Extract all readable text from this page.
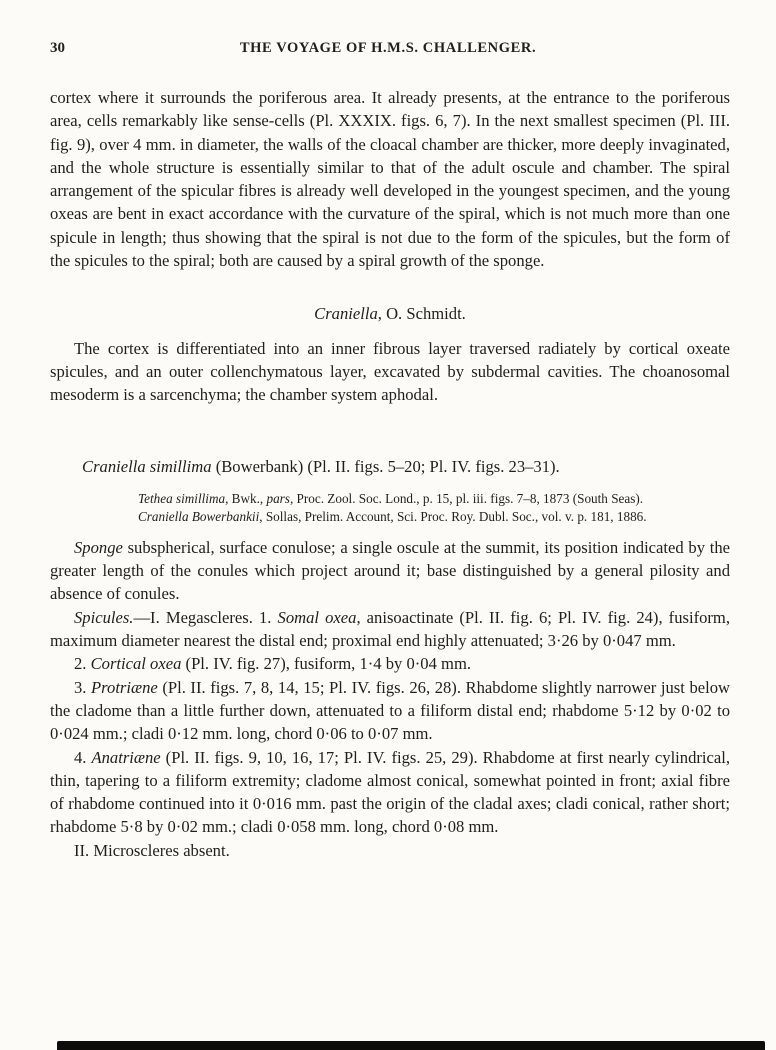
30	THE VOYAGE OF H.M.S. CHALLENGER.

cortex where it surrounds the poriferous area. It already presents, at the entrance to the poriferous area, cells remarkably like sense-cells (Pl. XXXIX. figs. 6, 7). In the next smallest specimen (Pl. III. fig. 9), over 4 mm. in diameter, the walls of the cloacal chamber are thicker, more deeply invaginated, and the whole structure is essentially similar to that of the adult oscule and chamber. The spiral arrangement of the spicular fibres is already well developed in the youngest specimen, and the young oxeas are bent in exact accordance with the curvature of the spiral, which is not much more than one spicule in length; thus showing that the spiral is not due to the form of the spicules, but the form of the spicules to the spiral; both are caused by a spiral growth of the sponge.

Craniella, O. Schmidt.

The cortex is differentiated into an inner fibrous layer traversed radiately by cortical oxeate spicules, and an outer collenchymatous layer, excavated by subdermal cavities. The choanosomal mesoderm is a sarcenchyma; the chamber system aphodal.

Craniella simillima (Bowerbank) (Pl. II. figs. 5–20; Pl. IV. figs. 23–31).

Tethea simillima, Bwk., pars, Proc. Zool. Soc. Lond., p. 15, pl. iii. figs. 7–8, 1873 (South Seas).
Craniella Bowerbankii, Sollas, Prelim. Account, Sci. Proc. Roy. Dubl. Soc., vol. v. p. 181, 1886.

Sponge subspherical, surface conulose; a single oscule at the summit, its position indicated by the greater length of the conules which project around it; base distinguished by a general pilosity and absence of conules.

Spicules.—I. Megascleres. 1. Somal oxea, anisoactinate (Pl. II. fig. 6; Pl. IV. fig. 24), fusiform, maximum diameter nearest the distal end; proximal end highly attenuated; 3·26 by 0·047 mm.

2. Cortical oxea (Pl. IV. fig. 27), fusiform, 1·4 by 0·04 mm.

3. Protriæne (Pl. II. figs. 7, 8, 14, 15; Pl. IV. figs. 26, 28). Rhabdome slightly narrower just below the cladome than a little further down, attenuated to a filiform distal end; rhabdome 5·12 by 0·02 to 0·024 mm.; cladi 0·12 mm. long, chord 0·06 to 0·07 mm.

4. Anatriæne (Pl. II. figs. 9, 10, 16, 17; Pl. IV. figs. 25, 29). Rhabdome at first nearly cylindrical, thin, tapering to a filiform extremity; cladome almost conical, somewhat pointed in front; axial fibre of rhabdome continued into it 0·016 mm. past the origin of the cladal axes; cladi conical, rather short; rhabdome 5·8 by 0·02 mm.; cladi 0·058 mm. long, chord 0·08 mm.

II. Microscleres absent.
